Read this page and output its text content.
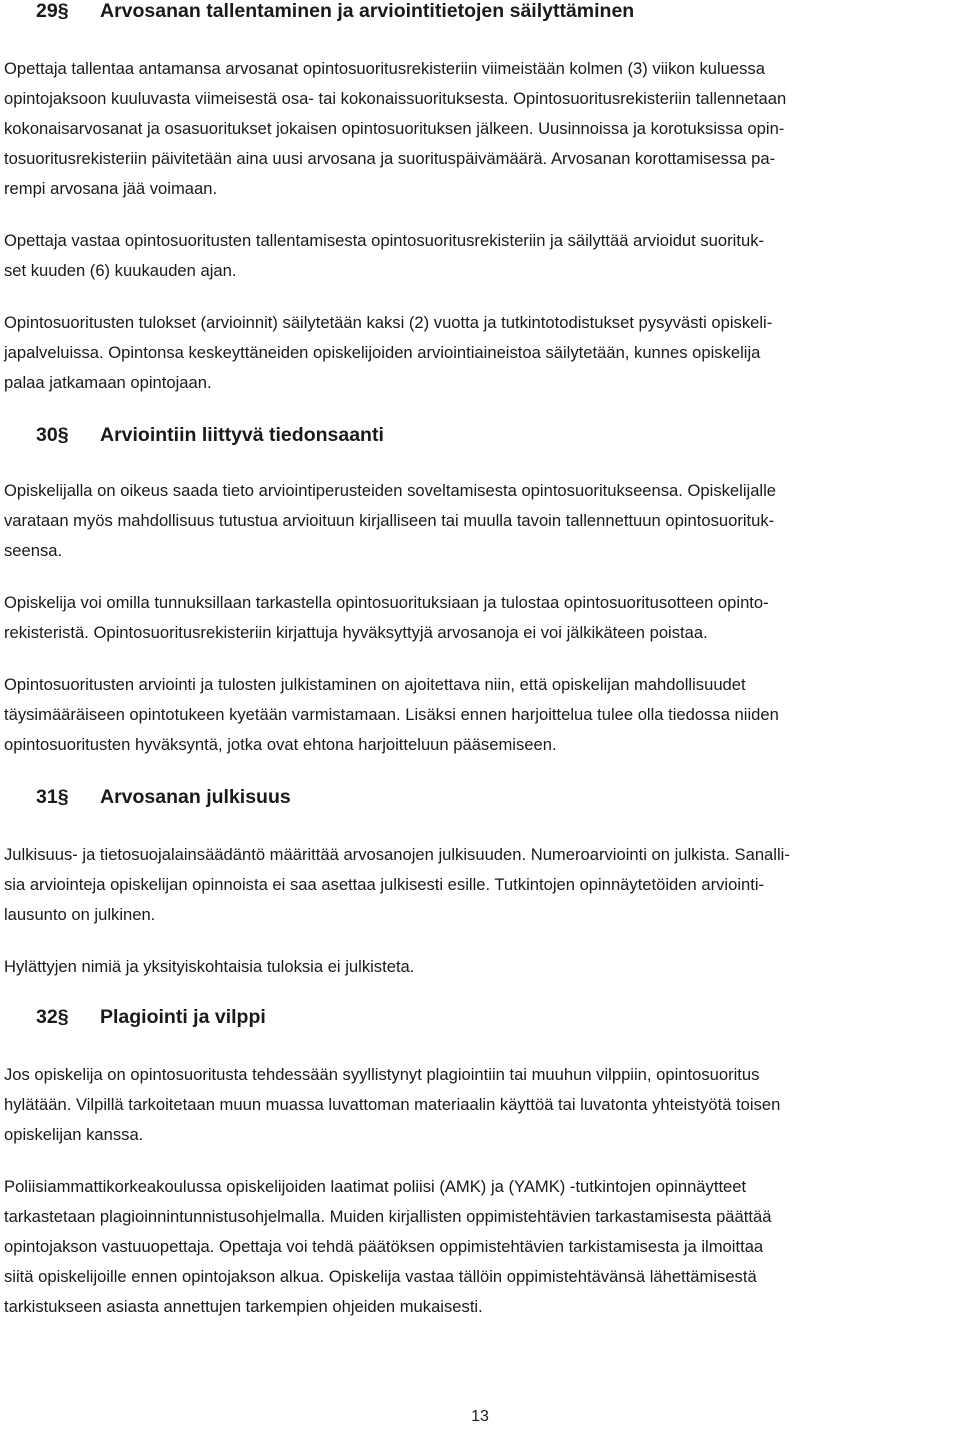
29§	Arvosanan tallentaminen ja arviointitietojen säilyttäminen
Opettaja tallentaa antamansa arvosanat opintosuoritusrekisteriin viimeistään kolmen (3) viikon kuluessa
opintojaksoon kuuluvasta viimeisestä osa- tai kokonaissuorituksesta. Opintosuoritusrekisteriin tallennetaan
kokonaisarvosanat ja osasuoritukset jokaisen opintosuorituksen jälkeen. Uusinnoissa ja korotuksissa opin-
tosuoritusrekisteriin päivitetään aina uusi arvosana ja suorituspäivämäärä. Arvosanan korottamisessa pa-
rempi arvosana jää voimaan.
Opettaja vastaa opintosuoritusten tallentamisesta opintosuoritusrekisteriin ja säilyttää arvioidut suorituk-
set kuuden (6) kuukauden ajan.
Opintosuoritusten tulokset (arvioinnit) säilytetään kaksi (2) vuotta ja tutkintotodistukset pysyvästi opiskeli-
japalveluissa. Opintonsa keskeyttäneiden opiskelijoiden arviointiaineistoa säilytetään, kunnes opiskelija
palaa jatkamaan opintojaan.
30§	Arviointiin liittyvä tiedonsaanti
Opiskelijalla on oikeus saada tieto arviointiperusteiden soveltamisesta opintosuoritukseensa. Opiskelijalle
varataan myös mahdollisuus tutustua arvioituun kirjalliseen tai muulla tavoin tallennettuun opintosuorituk-
seensa.
Opiskelija voi omilla tunnuksillaan tarkastella opintosuorituksiaan ja tulostaa opintosuoritusotteen opinto-
rekisteristä. Opintosuoritusrekisteriin kirjattuja hyväksyttyjä arvosanoja ei voi jälkikäteen poistaa.
Opintosuoritusten arviointi ja tulosten julkistaminen on ajoitettava niin, että opiskelijan mahdollisuudet
täysimääräiseen opintotukeen kyetään varmistamaan. Lisäksi ennen harjoittelua tulee olla tiedossa niiden
opintosuoritusten hyväksyntä, jotka ovat ehtona harjoitteluun pääsemiseen.
31§	Arvosanan julkisuus
Julkisuus- ja tietosuojalainsäädäntö määrittää arvosanojen julkisuuden. Numeroarviointi on julkista. Sanalli-
sia arviointeja opiskelijan opinnoista ei saa asettaa julkisesti esille. Tutkintojen opinnäytetöiden arviointi-
lausunto on julkinen.
Hylättyjen nimiä ja yksityiskohtaisia tuloksia ei julkisteta.
32§	Plagiointi ja vilppi
Jos opiskelija on opintosuoritusta tehdessään syyllistynyt plagiointiin tai muuhun vilppiin, opintosuoritus
hylätään. Vilpillä tarkoitetaan muun muassa luvattoman materiaalin käyttöä tai luvatonta yhteistyötä toisen
opiskelijan kanssa.
Poliisiammattikorkeakoulussa opiskelijoiden laatimat poliisi (AMK) ja (YAMK) -tutkintojen opinnäytteet
tarkastetaan plagioinnintunnistusohjelmalla. Muiden kirjallisten oppimistehtävien tarkastamisesta päättää
opintojakson vastuuopettaja. Opettaja voi tehdä päätöksen oppimistehtävien tarkistamisesta ja ilmoittaa
siitä opiskelijoille ennen opintojakson alkua. Opiskelija vastaa tällöin oppimistehtävänsä lähettämisestä
tarkistukseen asiasta annettujen tarkempien ohjeiden mukaisesti.
13
